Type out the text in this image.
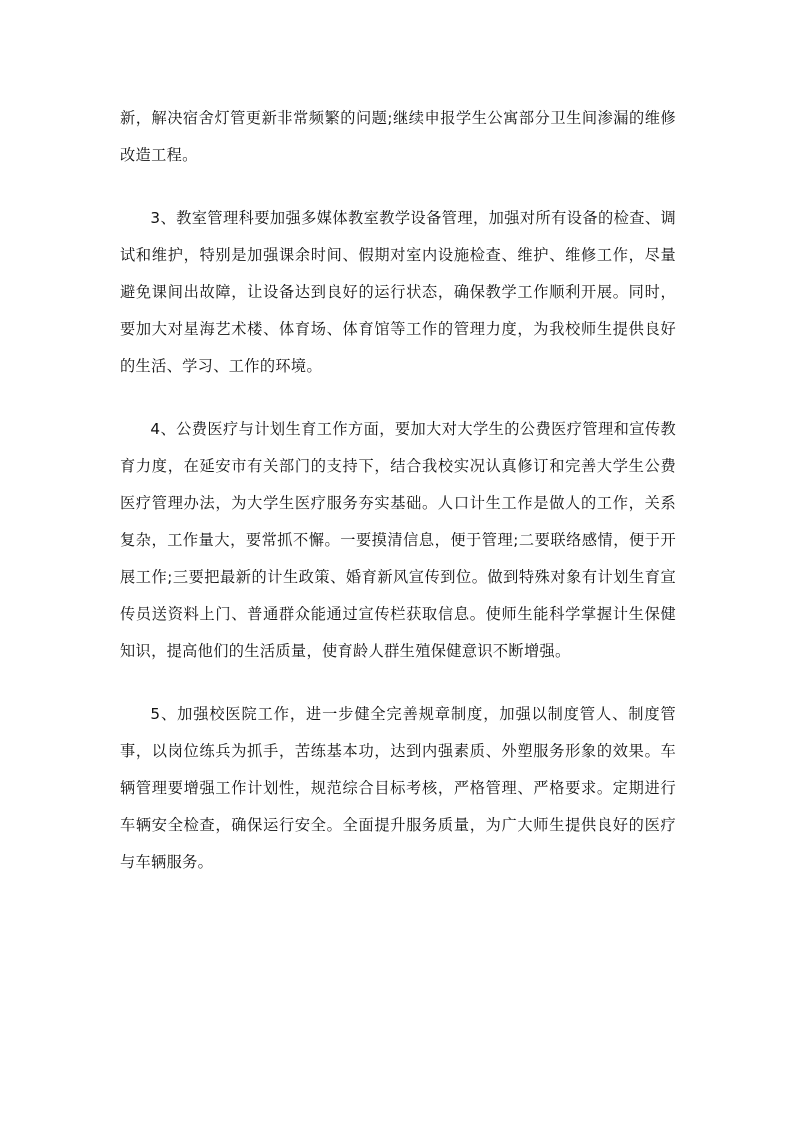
新，解决宿舍灯管更新非常频繁的问题;继续申报学生公寓部分卫生间渗漏的维修改造工程。

3、教室管理科要加强多媒体教室教学设备管理，加强对所有设备的检查、调试和维护，特别是加强课余时间、假期对室内设施检查、维护、维修工作，尽量避免课间出故障，让设备达到良好的运行状态，确保教学工作顺利开展。同时，要加大对星海艺术楼、体育场、体育馆等工作的管理力度，为我校师生提供良好的生活、学习、工作的环境。

4、公费医疗与计划生育工作方面，要加大对大学生的公费医疗管理和宣传教育力度，在延安市有关部门的支持下，结合我校实况认真修订和完善大学生公费医疗管理办法，为大学生医疗服务夯实基础。人口计生工作是做人的工作，关系复杂，工作量大，要常抓不懈。一要摸清信息，便于管理;二要联络感情，便于开展工作;三要把最新的计生政策、婚育新风宣传到位。做到特殊对象有计划生育宣传员送资料上门、普通群众能通过宣传栏获取信息。使师生能科学掌握计生保健知识，提高他们的生活质量，使育龄人群生殖保健意识不断增强。

5、加强校医院工作，进一步健全完善规章制度，加强以制度管人、制度管事，以岗位练兵为抓手，苦练基本功，达到内强素质、外塑服务形象的效果。车辆管理要增强工作计划性，规范综合目标考核，严格管理、严格要求。定期进行车辆安全检查，确保运行安全。全面提升服务质量，为广大师生提供良好的医疗与车辆服务。
